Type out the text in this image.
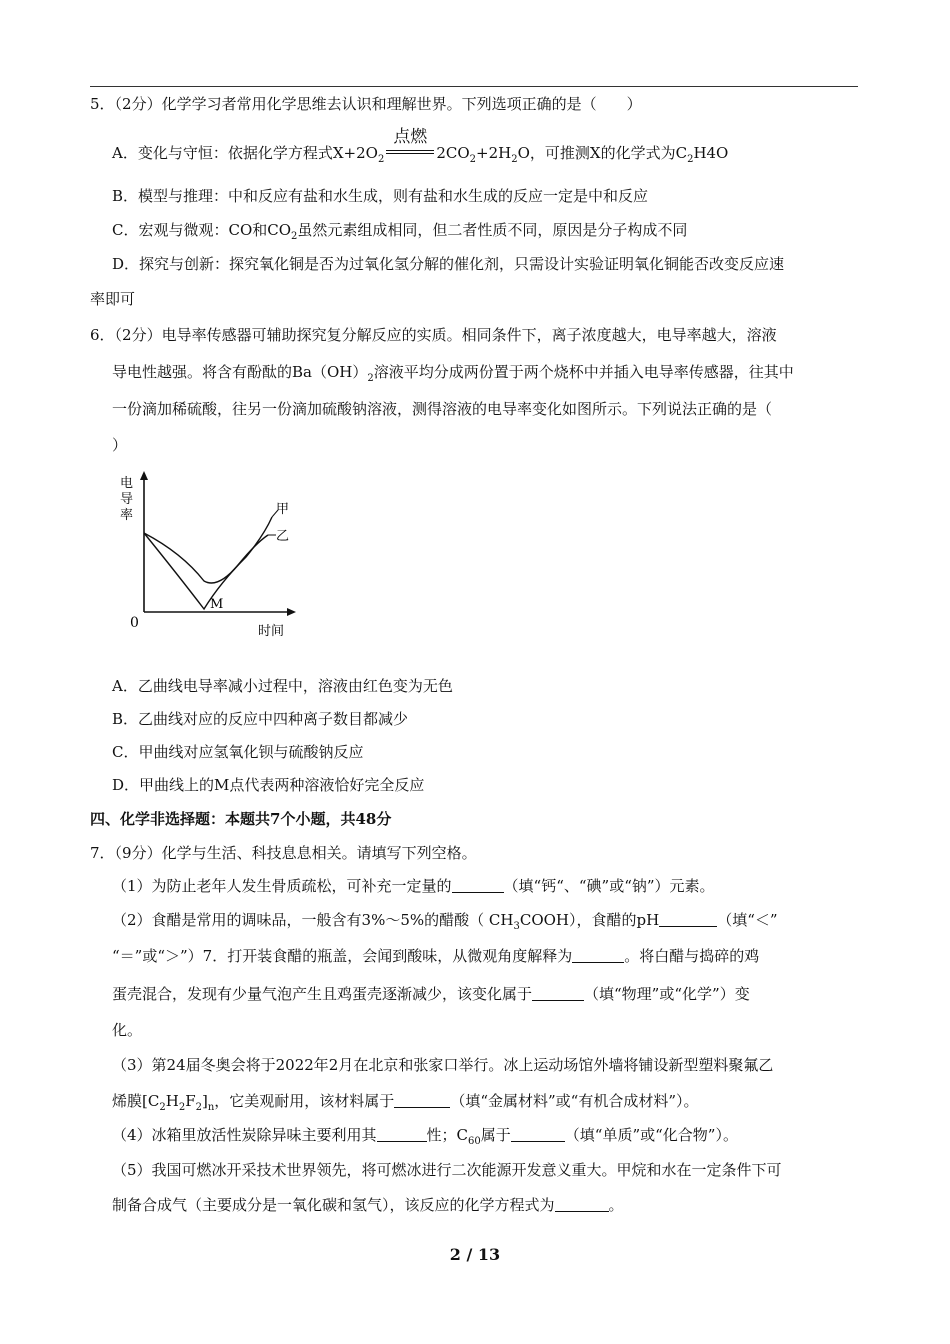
5．（2分）化学学习者常用化学思维去认识和理解世界。下列选项正确的是（　　）
A．变化与守恒：依据化学方程式$X+2O_2$
点燃
$2CO_2+2H_2O$，可推测X的化学式为$C_2H4O$
B．模型与推理：中和反应有盐和水生成，则有盐和水生成的反应一定是中和反应
C．宏观与微观：CO和$CO_2$虽然元素组成相同，但二者性质不同，原因是分子构成不同
D．探究与创新：探究氧化铜是否为过氧化氢分解的催化剂，只需设计实验证明氧化铜能否改变反应速
率即可
6．（2分）电导率传感器可辅助探究复分解反应的实质。相同条件下，离子浓度越大，电导率越大，溶液
导电性越强。将含有酚酞的$Ba(OH)_2$溶液平均分成两份置于两个烧杯中并插入电导率传感器，往其中
一份滴加稀硫酸，往另一份滴加硫酸钠溶液，测得溶液的电导率变化如图所示。下列说法正确的是（
）
电
导
率
0
时间
甲
乙
M
A．乙曲线电导率减小过程中，溶液由红色变为无色
B．乙曲线对应的反应中四种离子数目都减少
C．甲曲线对应氢氧化钡与硫酸钠反应
D．甲曲线上的M点代表两种溶液恰好完全反应
四、化学非选择题：本题共7个小题，共48分
7．（9分）化学与生活、科技息息相关。请填写下列空格。
（1）为防止老年人发生骨质疏松，可补充一定量的	（填“钙“、“碘”或“钠”）元素。
（2）食醋是常用的调味品，一般含有3%～5%的醋酸（ $CH_3COOH$），食醋的pH	（填“＜”
“＝”或“＞”）7．打开装食醋的瓶盖，会闻到酸味，从微观角度解释为	。将白醋与捣碎的鸡
蛋壳混合，发现有少量气泡产生且鸡蛋壳逐渐减少，该变化属于	（填“物理”或“化学”）变
化。
（3）第24届冬奥会将于2022年2月在北京和张家口举行。冰上运动场馆外墙将铺设新型塑料聚氟乙
烯膜$[C_2H_2F_2]_n$，它美观耐用，该材料属于	（填“金属材料”或“有机合成材料”）。
（4）冰箱里放活性炭除异味主要利用其	性；$C_{60}$属于	（填“单质”或“化合物”）。
（5）我国可燃冰开采技术世界领先，将可燃冰进行二次能源开发意义重大。甲烷和水在一定条件下可
制备合成气（主要成分是一氧化碳和氢气），该反应的化学方程式为	。
2 / 13
